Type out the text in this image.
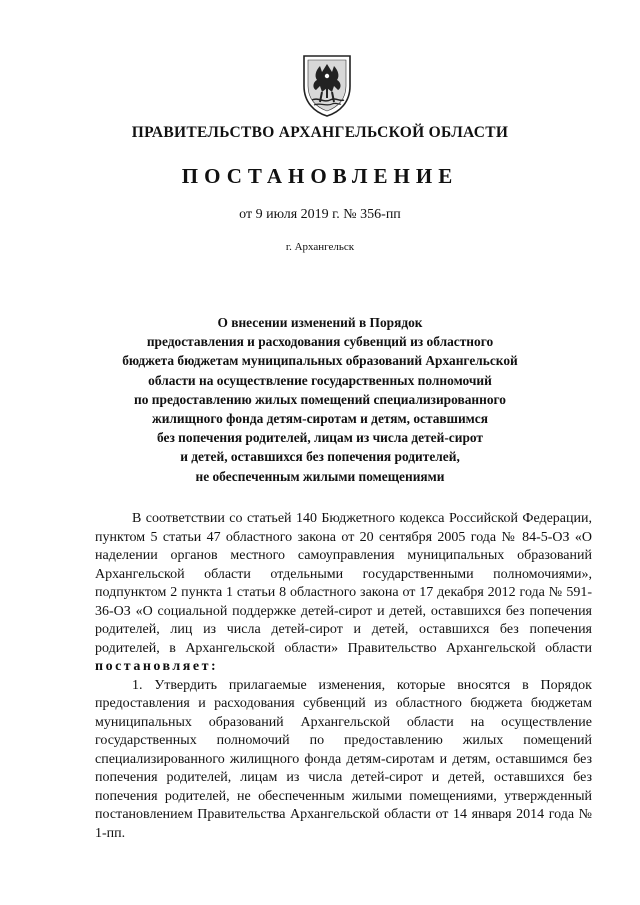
ПРАВИТЕЛЬСТВО АРХАНГЕЛЬСКОЙ ОБЛАСТИ
ПОСТАНОВЛЕНИЕ
от 9 июля 2019 г. № 356-пп
г. Архангельск
О внесении изменений в Порядок
предоставления и расходования субвенций из областного
бюджета бюджетам муниципальных образований Архангельской
области на осуществление государственных полномочий
по предоставлению жилых помещений специализированного
жилищного фонда детям-сиротам и детям, оставшимся
без попечения родителей, лицам из числа детей-сирот
и детей, оставшихся без попечения родителей,
не обеспеченным жилыми помещениями

В соответствии со статьей 140 Бюджетного кодекса Российской Федерации, пунктом 5 статьи 47 областного закона от 20 сентября 2005 года № 84-5-ОЗ «О наделении органов местного самоуправления муниципальных образований Архангельской области отдельными государственными полномочиями», подпунктом 2 пункта 1 статьи 8 областного закона от 17 декабря 2012 года № 591-36-ОЗ «О социальной поддержке детей-сирот и детей, оставшихся без попечения родителей, лиц из числа детей-сирот и детей, оставшихся без попечения родителей, в Архангельской области» Правительство Архангельской области постановляет:

1. Утвердить прилагаемые изменения, которые вносятся в Порядок предоставления и расходования субвенций из областного бюджета бюджетам муниципальных образований Архангельской области на осуществление государственных полномочий по предоставлению жилых помещений специализированного жилищного фонда детям-сиротам и детям, оставшимся без попечения родителей, лицам из числа детей-сирот и детей, оставшихся без попечения родителей, не обеспеченным жилыми помещениями, утвержденный постановлением Правительства Архангельской области от 14 января 2014 года № 1-пп.
